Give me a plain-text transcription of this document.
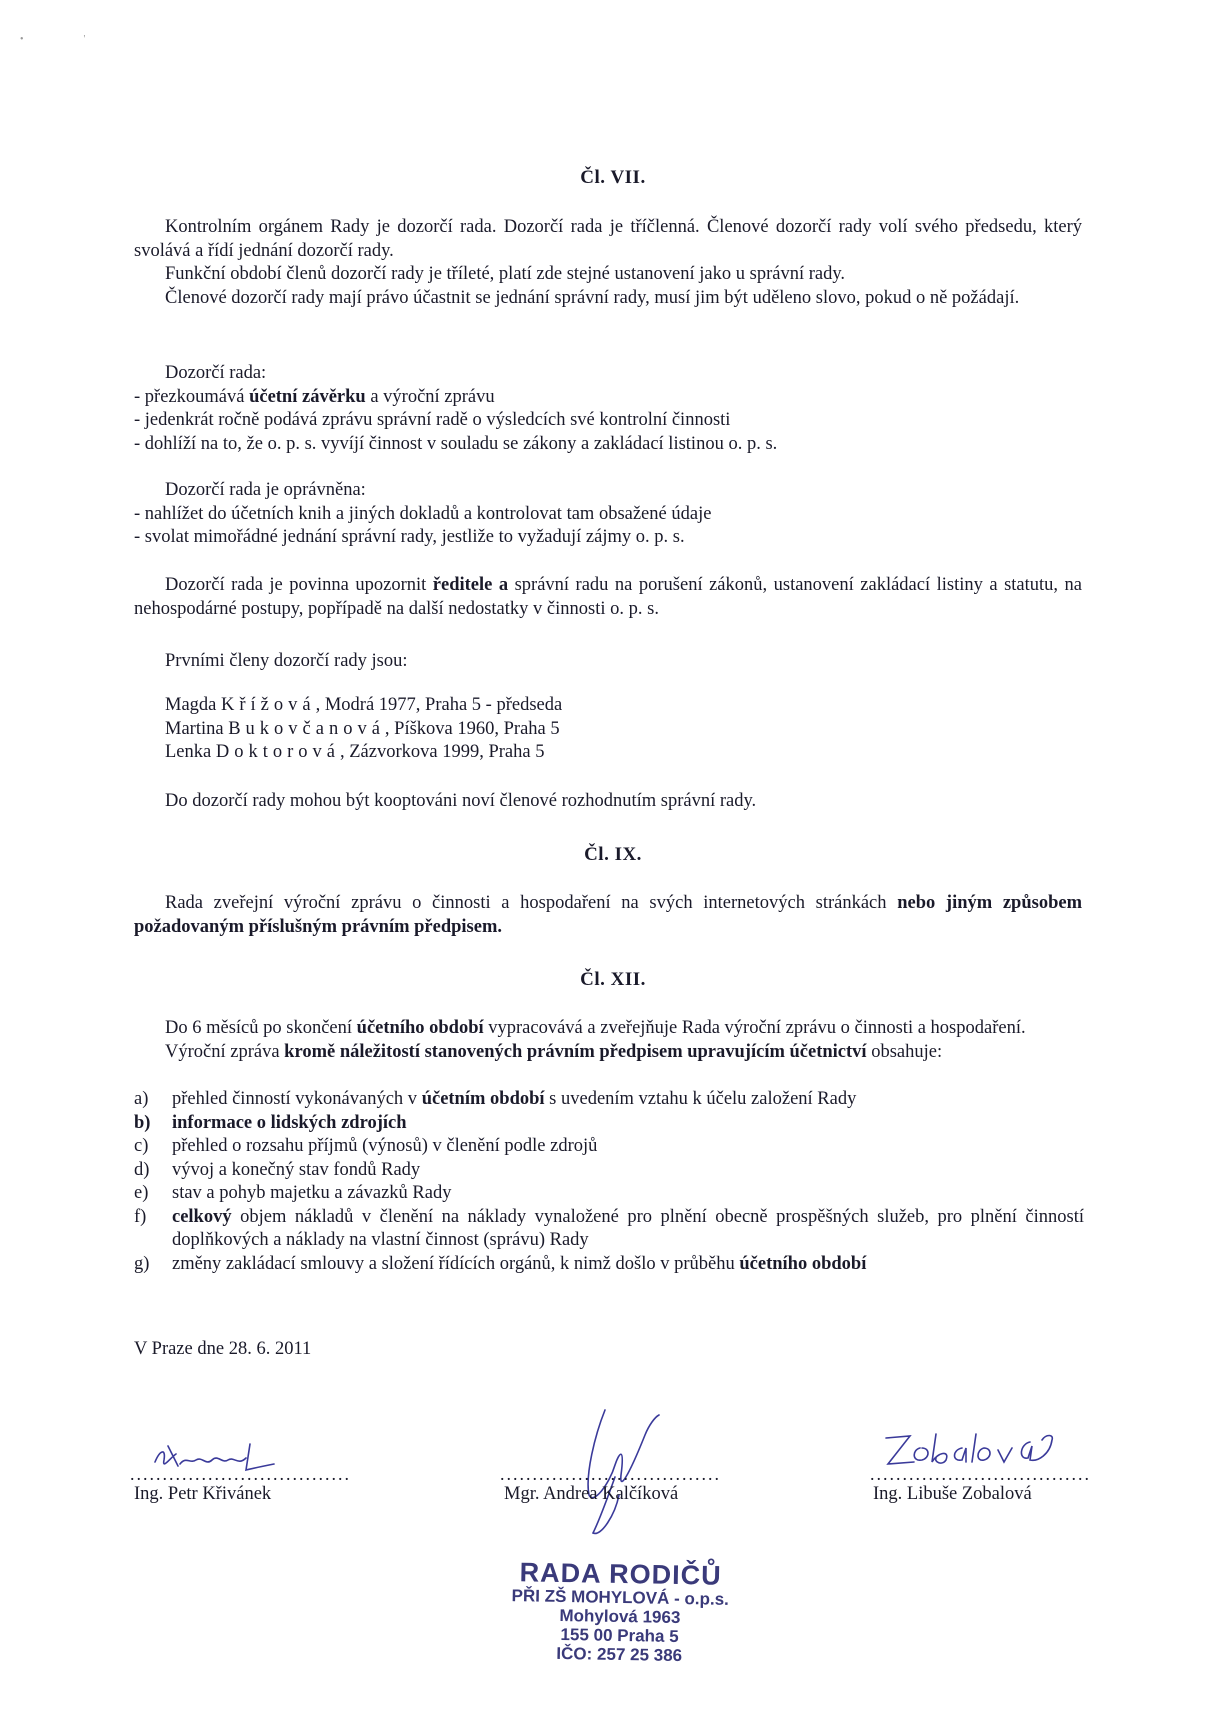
•                        '
Čl. VII.

Kontrolním orgánem Rady je dozorčí rada. Dozorčí rada je tříčlenná. Členové dozorčí rady volí svého předsedu, který svolává a řídí jednání dozorčí rady.

Funkční období členů dozorčí rady je tříleté, platí zde stejné ustanovení jako u správní rady.

Členové dozorčí rady mají právo účastnit se jednání správní rady, musí jim být uděleno slovo, pokud o ně požádají.

Dozorčí rada:
- přezkoumává účetní závěrku a výroční zprávu
- jedenkrát ročně podává zprávu správní radě o výsledcích své kontrolní činnosti
- dohlíží na to, že o. p. s. vyvíjí činnost v souladu se zákony a zakládací listinou o. p. s.
Dozorčí rada je oprávněna:
- nahlížet do účetních knih a jiných dokladů a kontrolovat tam obsažené údaje
- svolat mimořádné jednání správní rady, jestliže to vyžadují zájmy o. p. s.

Dozorčí rada je povinna upozornit ředitele a správní radu na porušení zákonů, ustanovení zakládací listiny a statutu, na nehospodárné postupy, popřípadě na další nedostatky v činnosti o. p. s.

Prvními členy dozorčí rady jsou:
Magda Křížová, Modrá 1977, Praha 5 - předseda
Martina Bukovčanová, Píškova 1960, Praha 5
Lenka Doktorová, Zázvorkova 1999, Praha 5
Do dozorčí rady mohou být kooptováni noví členové rozhodnutím správní rady.
Čl. IX.

Rada zveřejní výroční zprávu o činnosti a hospodaření na svých internetových stránkách nebo jiným způsobem požadovaným příslušným právním předpisem.

Čl. XII.

Do 6 měsíců po skončení účetního období vypracovává a zveřejňuje Rada výroční zprávu o činnosti a hospodaření.

Výroční zpráva kromě náležitostí stanovených právním předpisem upravujícím účetnictví obsahuje:

a)	přehled činností vykonávaných v účetním období s uvedením vztahu k účelu založení Rady
b)	informace o lidských zdrojích
c)	přehled o rozsahu příjmů (výnosů) v členění podle zdrojů
d)	vývoj a konečný stav fondů Rady
e)	stav a pohyb majetku a závazků Rady
f)	celkový objem nákladů v členění na náklady vynaložené pro plnění obecně prospěšných služeb, pro plnění činností doplňkových a náklady na vlastní činnost (správu) Rady
g)	změny zakládací smlouvy a složení řídících orgánů, k nimž došlo v průběhu účetního období
V Praze dne 28. 6. 2011
..................................	..................................	..................................
Ing. Petr Křivánek	Mgr. Andrea Kalčíková	Ing. Libuše Zobalová
RADA RODIČŮ
PŘI ZŠ MOHYLOVÁ - o.p.s.
Mohylová 1963
155 00 Praha 5
IČO: 257 25 386
